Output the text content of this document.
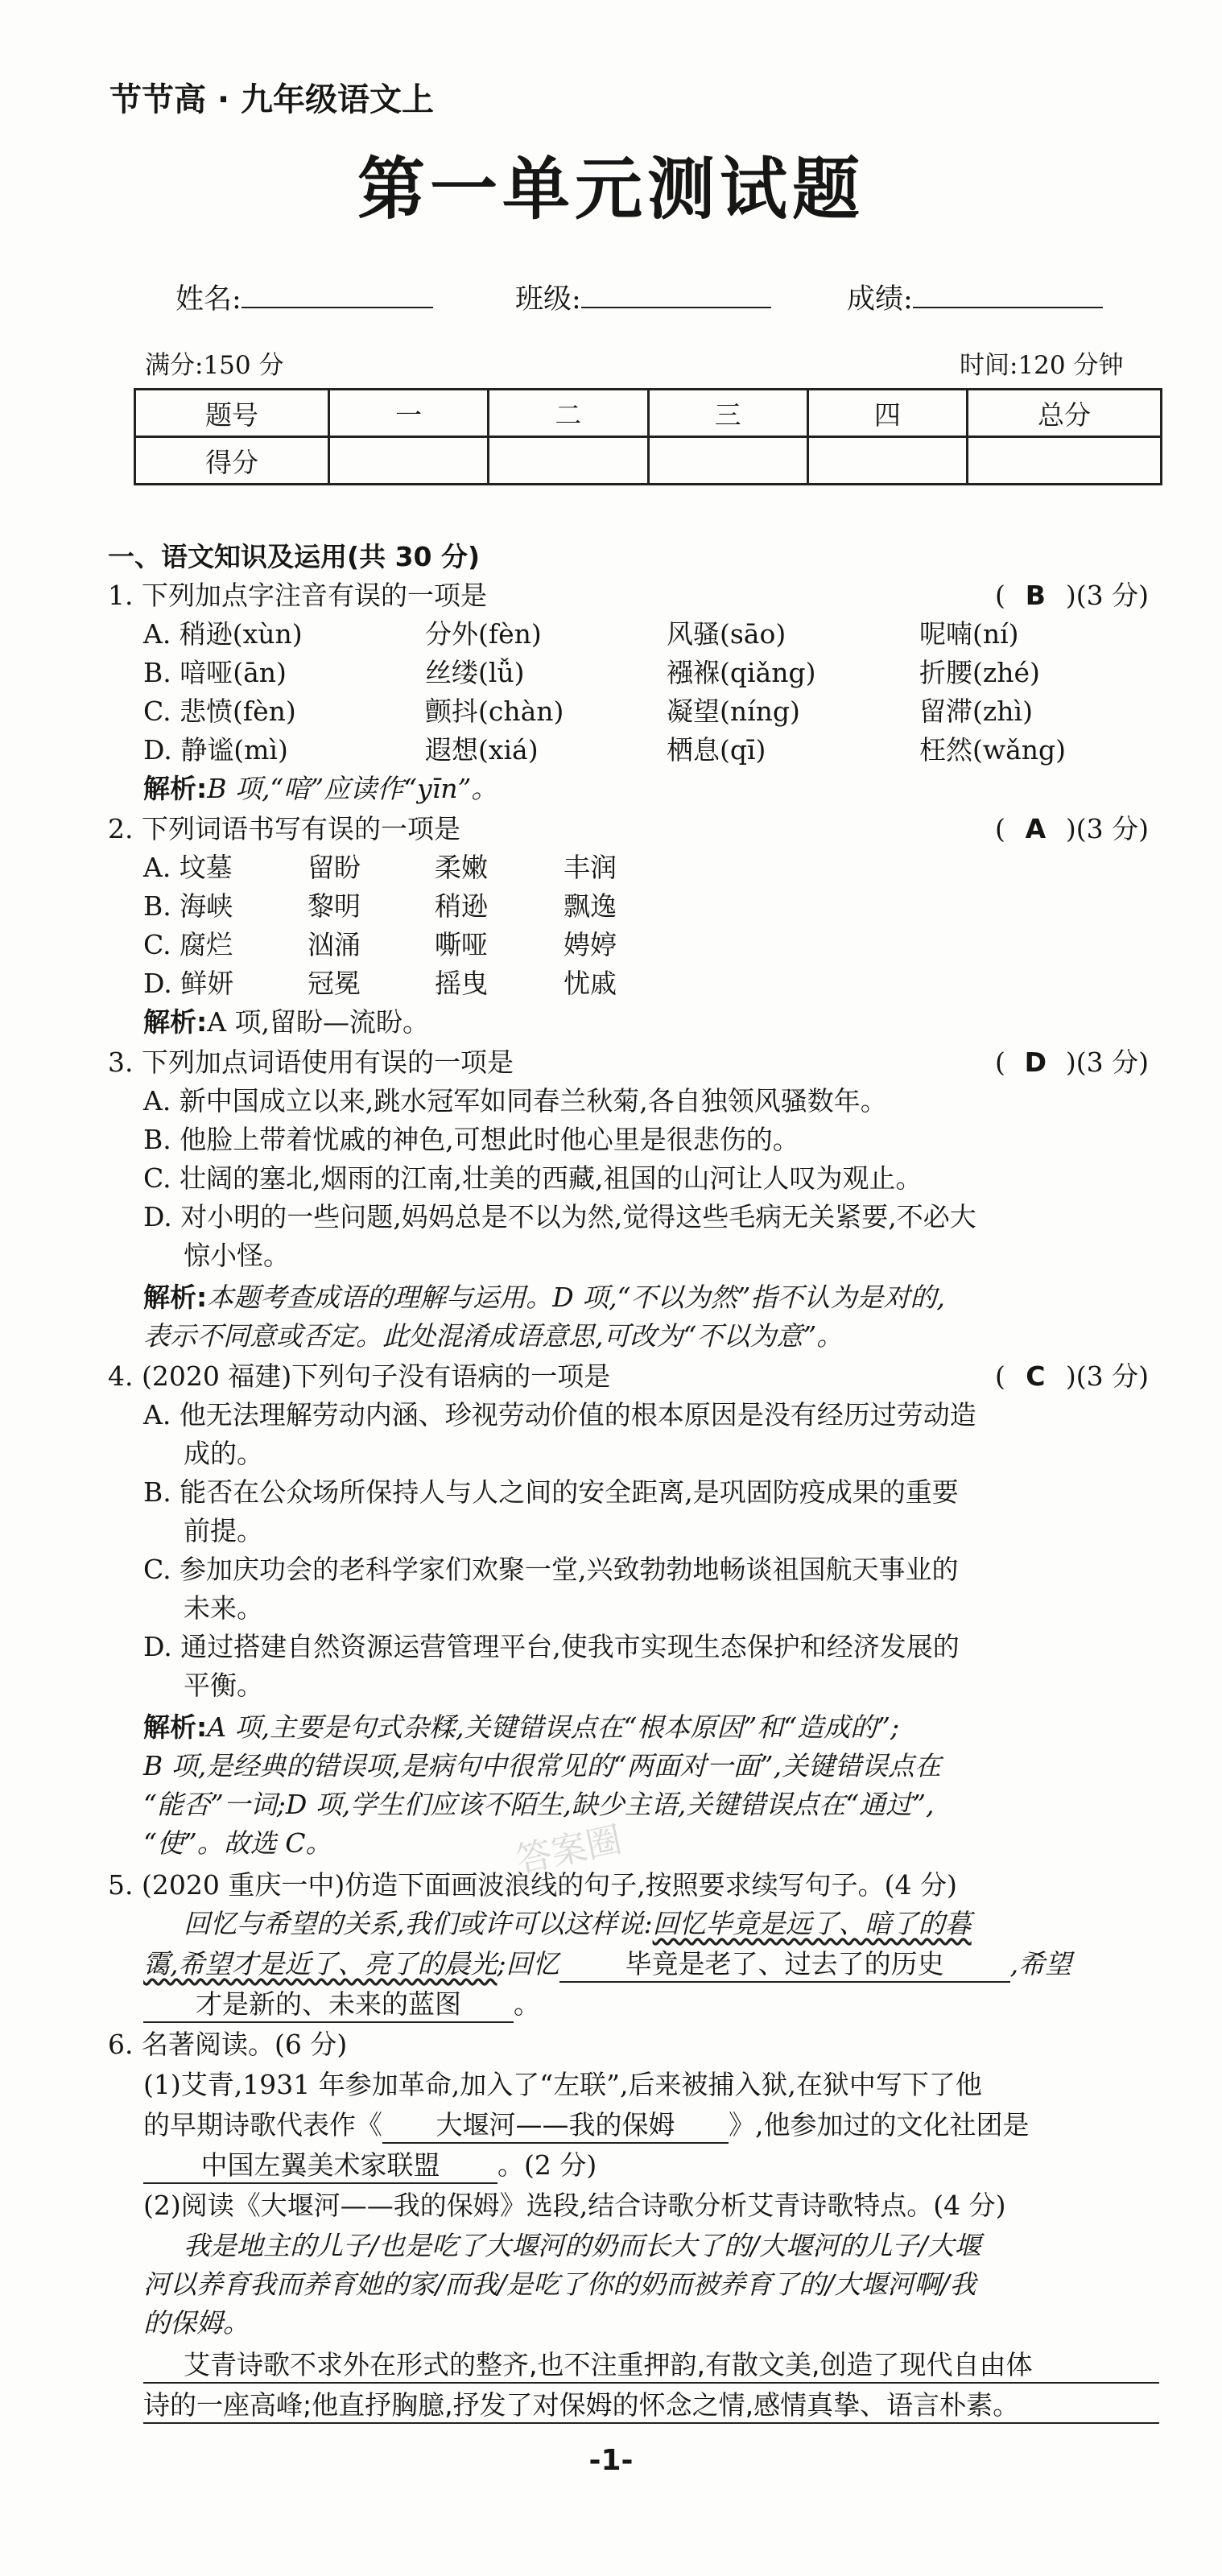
节节高 · 九年级语文上
第一单元测试题
姓名:	班级:	成绩:
满分:150 分	时间:120 分钟
题号	一	二	三	四	总分
得分					
一、语文知识及运用(共 30 分)
1. 下列加点字注音有误的一项是	( B )(3 分)
A. 稍逊(xùn)	分外(fèn)	风骚(sāo)	呢喃(ní)
B. 喑哑(ān)	丝缕(lǚ)	襁褓(qiǎng)	折腰(zhé)
C. 悲愤(fèn)	颤抖(chàn)	凝望(níng)	留滞(zhì)
D. 静谧(mì)	遐想(xiá)	栖息(qī)	枉然(wǎng)
解析:B 项,“喑”应读作“yīn”。
2. 下列词语书写有误的一项是	( A )(3 分)
A. 坟墓	留盼	柔嫩	丰润
B. 海峡	黎明	稍逊	飘逸
C. 腐烂	汹涌	嘶哑	娉婷
D. 鲜妍	冠冕	摇曳	忧戚
解析:A 项,留盼—流盼。
3. 下列加点词语使用有误的一项是	( D )(3 分)
A. 新中国成立以来,跳水冠军如同春兰秋菊,各自独领风骚数年。
B. 他脸上带着忧戚的神色,可想此时他心里是很悲伤的。
C. 壮阔的塞北,烟雨的江南,壮美的西藏,祖国的山河让人叹为观止。
D. 对小明的一些问题,妈妈总是不以为然,觉得这些毛病无关紧要,不必大
惊小怪。
解析:本题考查成语的理解与运用。D 项,“不以为然”指不认为是对的,
表示不同意或否定。此处混淆成语意思,可改为“不以为意”。
4. (2020 福建)下列句子没有语病的一项是	( C )(3 分)
A. 他无法理解劳动内涵、珍视劳动价值的根本原因是没有经历过劳动造
成的。
B. 能否在公众场所保持人与人之间的安全距离,是巩固防疫成果的重要
前提。
C. 参加庆功会的老科学家们欢聚一堂,兴致勃勃地畅谈祖国航天事业的
未来。
D. 通过搭建自然资源运营管理平台,使我市实现生态保护和经济发展的
平衡。
解析:A 项,主要是句式杂糅,关键错误点在“根本原因”和“造成的”;
B 项,是经典的错误项,是病句中很常见的“两面对一面”,关键错误点在
“能否”一词;D 项,学生们应该不陌生,缺少主语,关键错误点在“通过”,
“使”。故选 C。	答案圈
5. (2020 重庆一中)仿造下面画波浪线的句子,按照要求续写句子。(4 分)
回忆与希望的关系,我们或许可以这样说:回忆毕竟是远了、暗了的暮
霭,希望才是近了、亮了的晨光;回忆 毕竟是老了、过去了的历史 ,希望
才是新的、未来的蓝图 。
6. 名著阅读。(6 分)
(1)艾青,1931 年参加革命,加入了“左联”,后来被捕入狱,在狱中写下了他
的早期诗歌代表作《 大堰河——我的保姆 》,他参加过的文化社团是
中国左翼美术家联盟 。(2 分)
(2)阅读《大堰河——我的保姆》选段,结合诗歌分析艾青诗歌特点。(4 分)
我是地主的儿子/也是吃了大堰河的奶而长大了的/大堰河的儿子/大堰
河以养育我而养育她的家/而我/是吃了你的奶而被养育了的/大堰河啊/我
的保姆。
艾青诗歌不求外在形式的整齐,也不注重押韵,有散文美,创造了现代自由体
诗的一座高峰;他直抒胸臆,抒发了对保姆的怀念之情,感情真挚、语言朴素。
-1-
